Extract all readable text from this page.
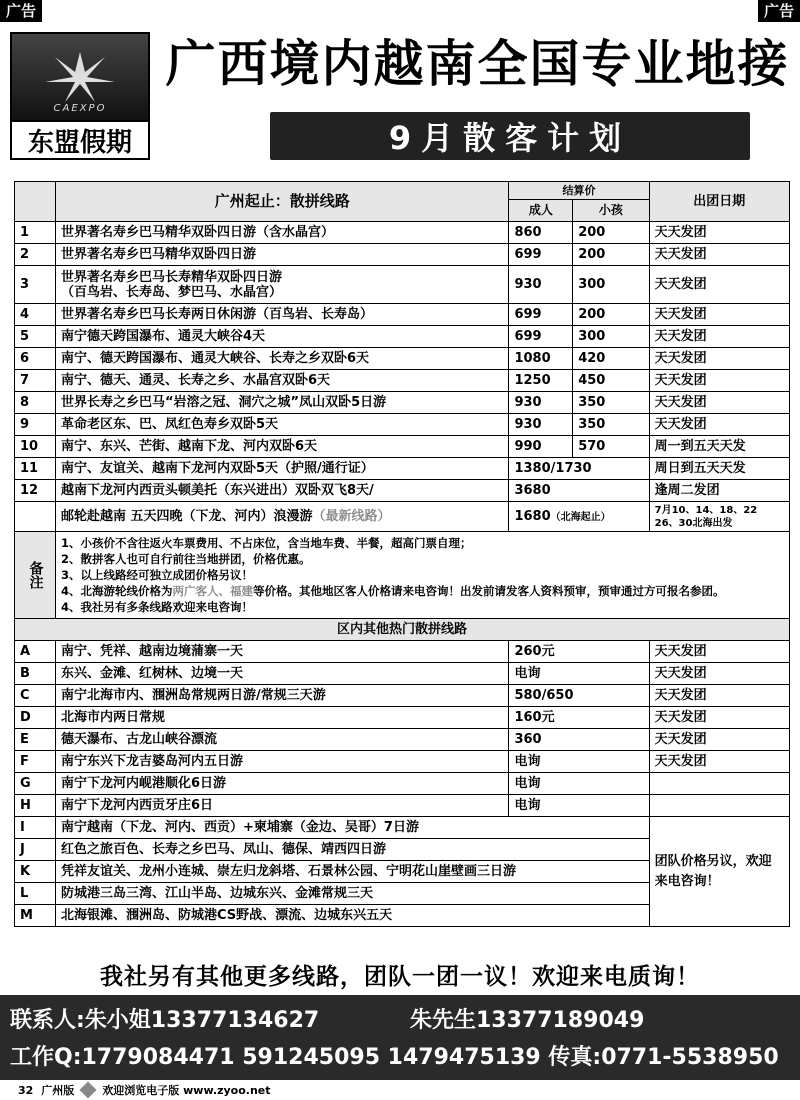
广告	广告
CAEXPO
东盟假期
广西境内越南全国专业地接
9月散客计划
	广州起止：散拼线路	结算价		出团日期
		成人	小孩	
1	世界著名寿乡巴马精华双卧四日游（含水晶宫）	860	200	天天发团
2	世界著名寿乡巴马精华双卧四日游	699	200	天天发团
3	世界著名寿乡巴马长寿精华双卧四日游
（百鸟岩、长寿岛、梦巴马、水晶宫）	930	300	天天发团
4	世界著名寿乡巴马长寿两日休闲游（百鸟岩、长寿岛）	699	200	天天发团
5	南宁德天跨国瀑布、通灵大峡谷4天	699	300	天天发团
6	南宁、德天跨国瀑布、通灵大峡谷、长寿之乡双卧6天	1080	420	天天发团
7	南宁、德天、通灵、长寿之乡、水晶宫双卧6天	1250	450	天天发团
8	世界长寿之乡巴马“岩溶之冠、洞穴之城”凤山双卧5日游	930	350	天天发团
9	革命老区东、巴、凤红色寿乡双卧5天	930	350	天天发团
10	南宁、东兴、芒街、越南下龙、河内双卧6天	990	570	周一到五天天发
11	南宁、友谊关、越南下龙河内双卧5天（护照/通行证）	1380/1730		周日到五天天发
12	越南下龙河内西贡头顿美托（东兴进出）双卧双飞8天/	3680		逢周二发团
	邮轮赴越南 五天四晚（下龙、河内）浪漫游（最新线路）	1680（北海起止）		7月10、14、18、22 26、30北海出发
备注	1、小孩价不含往返火车票费用、不占床位，含当地车费、半餐，超高门票自理；
2、散拼客人也可自行前往当地拼团，价格优惠。
3、以上线路经可独立成团价格另议！
4、北海游轮线价格为两广客人、福建等价格。其他地区客人价格请来电咨询！出发前请发客人资料预审，预审通过方可报名参团。
4、我社另有多条线路欢迎来电咨询！			

区内其他热门散拼线路				
A	南宁、凭祥、越南边境蒲寨一天	260元		天天发团
B	东兴、金滩、红树林、边境一天	电询		天天发团
C	南宁北海市内、涠洲岛常规两日游/常规三天游	580/650		天天发团
D	北海市内两日常规	160元		天天发团
E	德天瀑布、古龙山峡谷漂流	360		天天发团
F	南宁东兴下龙吉婆岛河内五日游	电询		天天发团
G	南宁下龙河内岘港顺化6日游	电询		
H	南宁下龙河内西贡牙庄6日	电询		
I	南宁越南（下龙、河内、西贡）+柬埔寨（金边、吴哥）7日游			团队价格另议，欢迎来电咨询！
J	红色之旅百色、长寿之乡巴马、凤山、德保、靖西四日游			
K	凭祥友谊关、龙州小连城、崇左归龙斜塔、石景林公园、宁明花山崖壁画三日游			
L	防城港三岛三湾、江山半岛、边城东兴、金滩常规三天			
M	北海银滩、涠洲岛、防城港CS野战、漂流、边城东兴五天			
我社另有其他更多线路，团队一团一议！欢迎来电质询！
联系人:朱小姐13377134627	朱先生13377189049
工作Q:1779084471 591245095 1479475139 传真:0771-5538950
32 广州版	欢迎浏览电子版 www.zyoo.net
